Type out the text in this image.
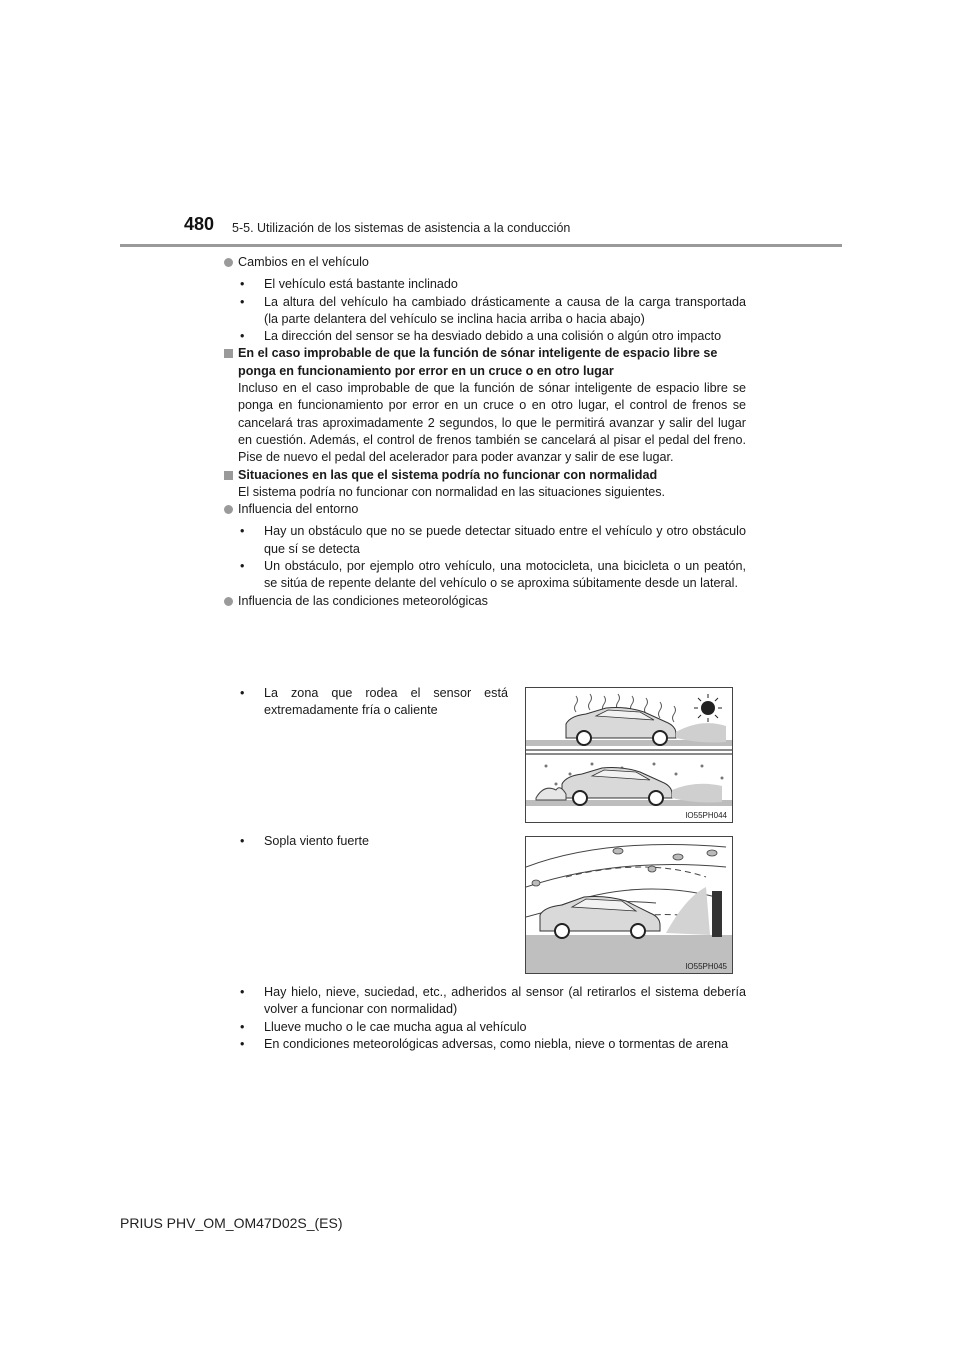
480 5-5. Utilización de los sistemas de asistencia a la conducción

Cambios en el vehículo

• El vehículo está bastante inclinado
• La altura del vehículo ha cambiado drásticamente a causa de la carga transportada (la parte delantera del vehículo se inclina hacia arriba o hacia abajo)
• La dirección del sensor se ha desviado debido a una colisión o algún otro impacto

En el caso improbable de que la función de sónar inteligente de espacio libre se ponga en funcionamiento por error en un cruce o en otro lugar

Incluso en el caso improbable de que la función de sónar inteligente de espacio libre se ponga en funcionamiento por error en un cruce o en otro lugar, el control de frenos se cancelará tras aproximadamente 2 segundos, lo que le permitirá avanzar y salir del lugar en cuestión. Además, el control de frenos también se cancelará al pisar el pedal del freno. Pise de nuevo el pedal del acelerador para poder avanzar y salir de ese lugar.

Situaciones en las que el sistema podría no funcionar con normalidad

El sistema podría no funcionar con normalidad en las situaciones siguientes.

Influencia del entorno

• Hay un obstáculo que no se puede detectar situado entre el vehículo y otro obstáculo que sí se detecta
• Un obstáculo, por ejemplo otro vehículo, una motocicleta, una bicicleta o un peatón, se sitúa de repente delante del vehículo o se aproxima súbitamente desde un lateral.

Influencia de las condiciones meteorológicas

• La zona que rodea el sensor está extremadamente fría o caliente
• Sopla viento fuerte
IO55PH044
IO55PH045
• Hay hielo, nieve, suciedad, etc., adheridos al sensor (al retirarlos el sistema debería volver a funcionar con normalidad)
• Llueve mucho o le cae mucha agua al vehículo
• En condiciones meteorológicas adversas, como niebla, nieve o tormentas de arena
PRIUS PHV_OM_OM47D02S_(ES)
